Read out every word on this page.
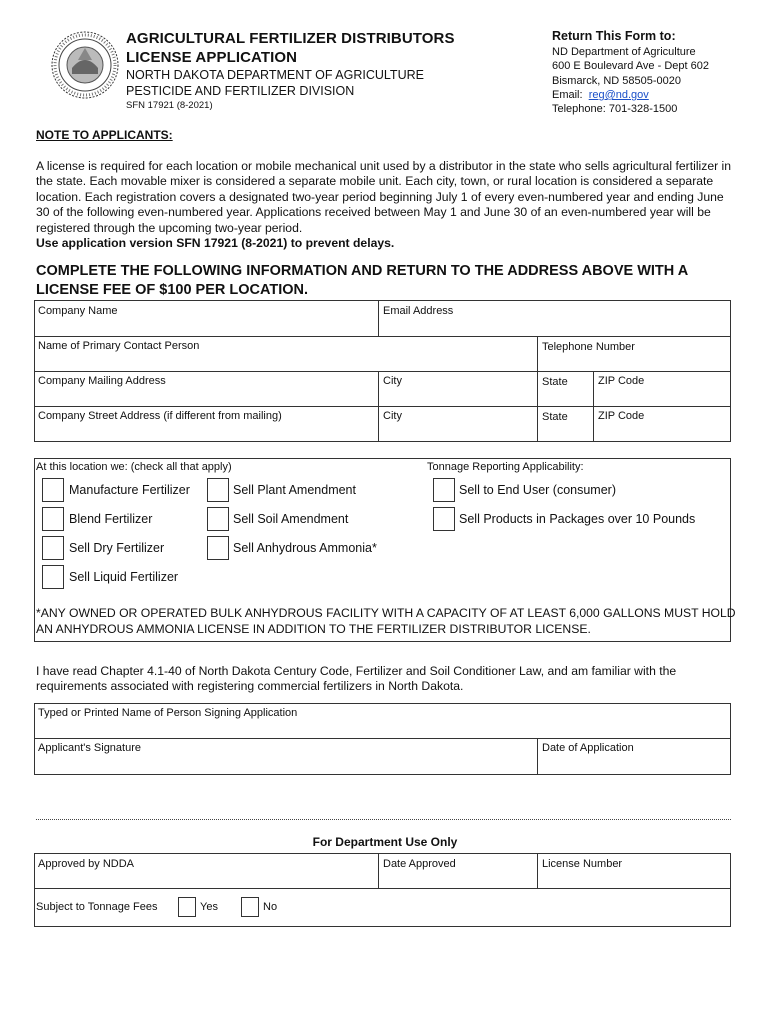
AGRICULTURAL FERTILIZER DISTRIBUTORS
LICENSE APPLICATION
NORTH DAKOTA DEPARTMENT OF AGRICULTURE
PESTICIDE AND FERTILIZER DIVISION
SFN 17921 (8-2021)
Return This Form to:
ND Department of Agriculture
600 E Boulevard Ave - Dept 602
Bismarck, ND 58505-0020
Email: reg@nd.gov
Telephone: 701-328-1500
NOTE TO APPLICANTS:
A license is required for each location or mobile mechanical unit used by a distributor in the state who sells agricultural fertilizer in the state. Each movable mixer is considered a separate mobile unit. Each city, town, or rural location is considered a separate location. Each registration covers a designated two-year period beginning July 1 of every even-numbered year and ending June 30 of the following even-numbered year. Applications received between May 1 and June 30 of an even-numbered year will be registered through the upcoming two-year period.
Use application version SFN 17921 (8-2021) to prevent delays.
COMPLETE THE FOLLOWING INFORMATION AND RETURN TO THE ADDRESS ABOVE WITH A LICENSE FEE OF $100 PER LOCATION.
Company Name	Email Address
Name of Primary Contact Person	Telephone Number
Company Mailing Address	City	State	ZIP Code
Company Street Address (if different from mailing)	City	State	ZIP Code
At this location we: (check all that apply)	Tonnage Reporting Applicability:
Manufacture Fertilizer
Blend Fertilizer
Sell Dry Fertilizer
Sell Liquid Fertilizer
Sell Plant Amendment
Sell Soil Amendment
Sell Anhydrous Ammonia*
Sell to End User (consumer)
Sell Products in Packages over 10 Pounds
*ANY OWNED OR OPERATED BULK ANHYDROUS FACILITY WITH A CAPACITY OF AT LEAST 6,000 GALLONS MUST HOLD AN ANHYDROUS AMMONIA LICENSE IN ADDITION TO THE FERTILIZER DISTRIBUTOR LICENSE.
I have read Chapter 4.1-40 of North Dakota Century Code, Fertilizer and Soil Conditioner Law, and am familiar with the requirements associated with registering commercial fertilizers in North Dakota.
Typed or Printed Name of Person Signing Application
Applicant's Signature	Date of Application
For Department Use Only
Approved by NDDA	Date Approved	License Number
Subject to Tonnage Fees	Yes	No
